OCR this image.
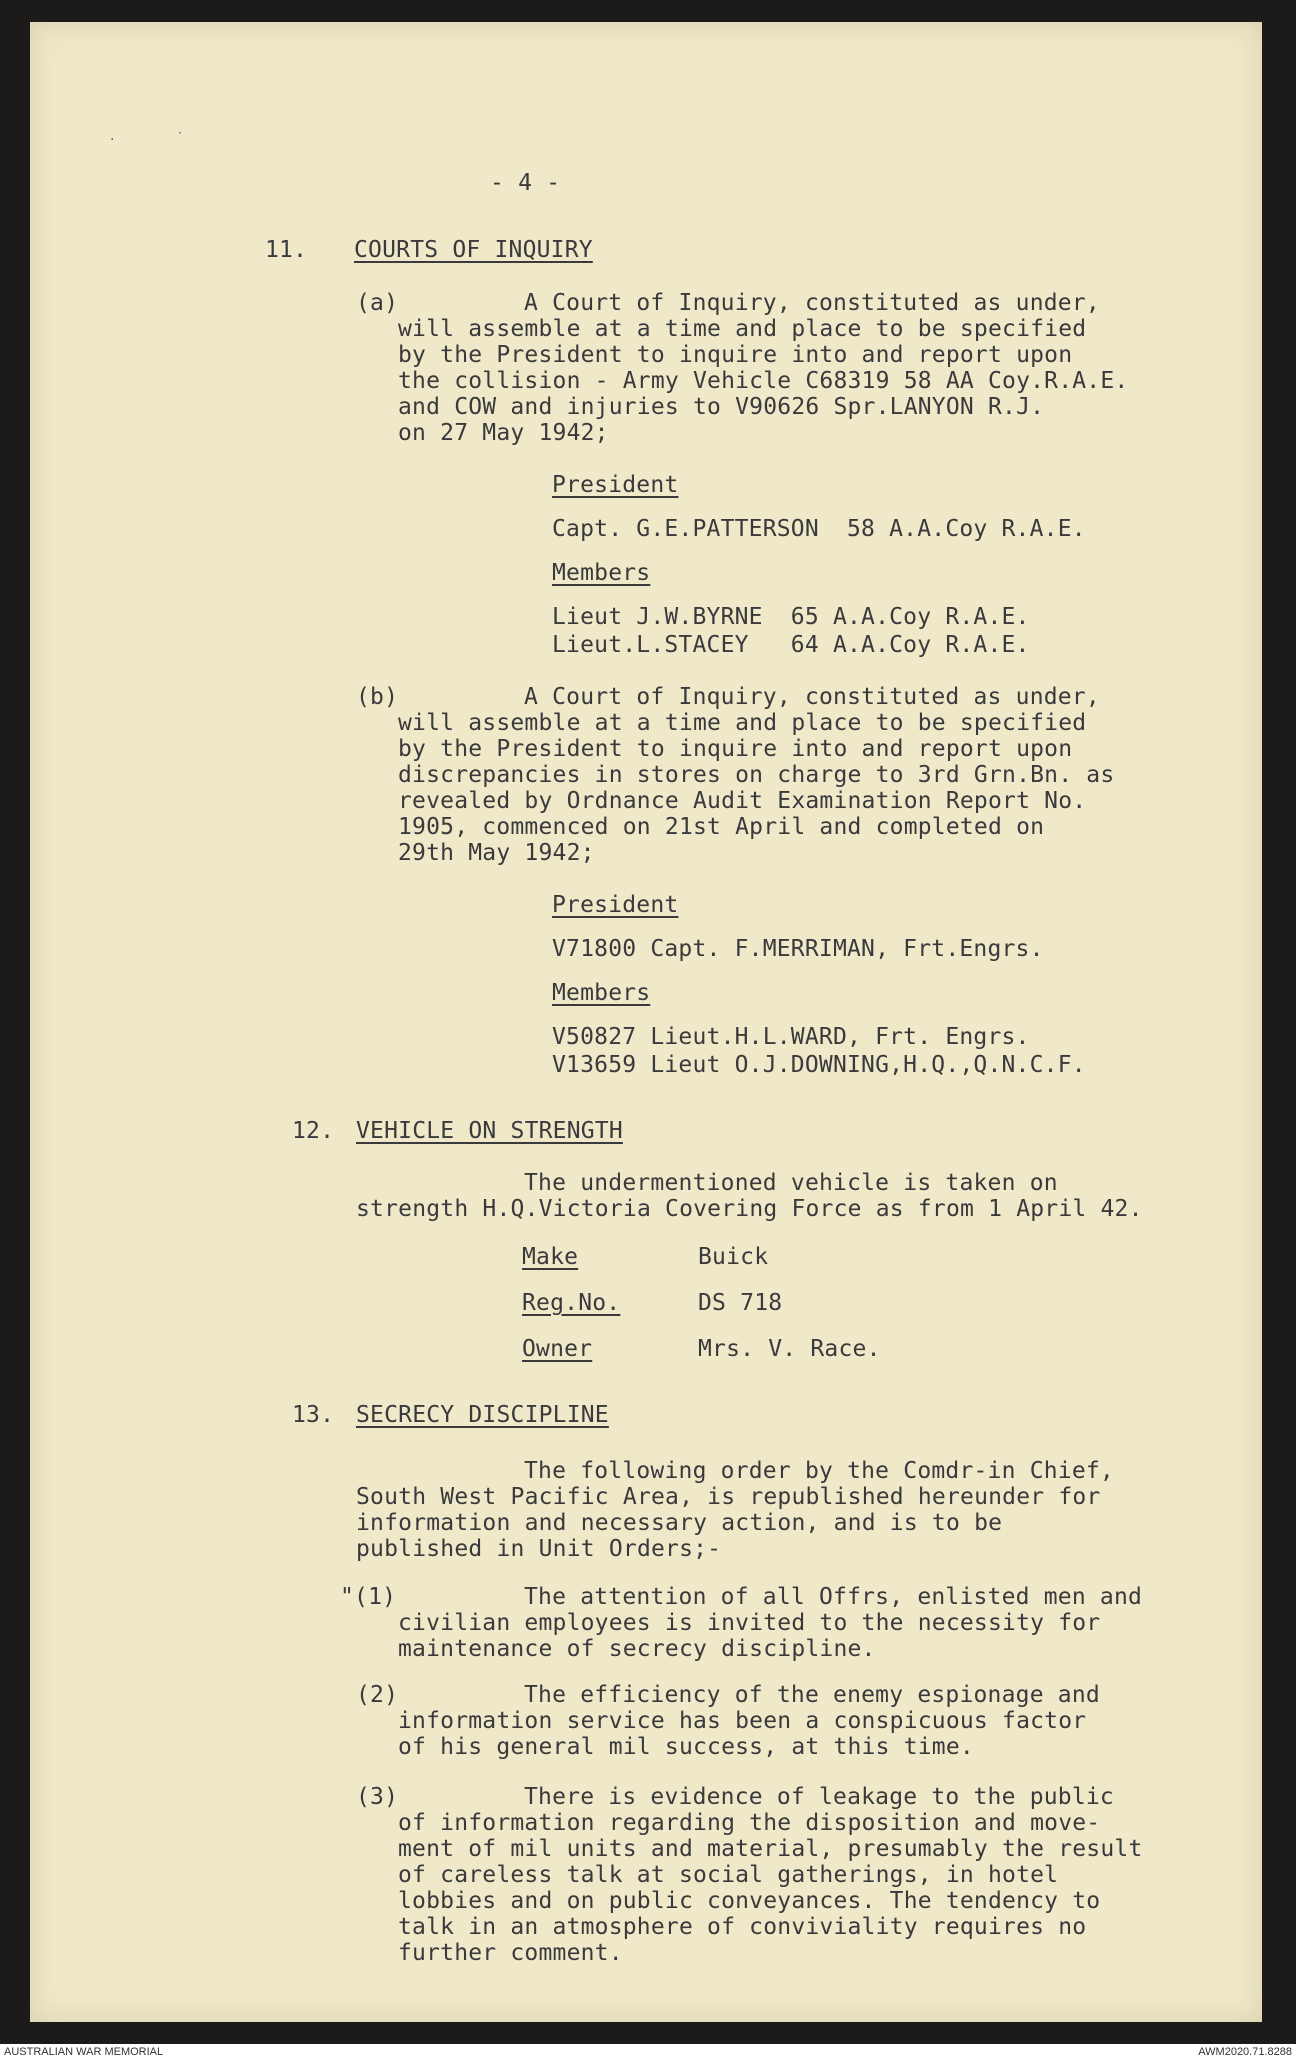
·	·
- 4 -
11. COURTS OF INQUIRY
(a)	A Court of Inquiry, constituted as under,
will assemble at a time and place to be specified
by the President to inquire into and report upon
the collision - Army Vehicle C68319 58 AA Coy.R.A.E.
and COW and injuries to V90626 Spr.LANYON R.J.
on 27 May 1942;
President
Capt. G.E.PATTERSON  58 A.A.Coy R.A.E.
Members
Lieut J.W.BYRNE  65 A.A.Coy R.A.E.
Lieut.L.STACEY   64 A.A.Coy R.A.E.
(b)	A Court of Inquiry, constituted as under,
will assemble at a time and place to be specified
by the President to inquire into and report upon
discrepancies in stores on charge to 3rd Grn.Bn. as
revealed by Ordnance Audit Examination Report No.
1905, commenced on 21st April and completed on
29th May 1942;
President
V71800 Capt. F.MERRIMAN, Frt.Engrs.
Members
V50827 Lieut.H.L.WARD, Frt. Engrs.
V13659 Lieut O.J.DOWNING,H.Q.,Q.N.C.F.
12. VEHICLE ON STRENGTH
The undermentioned vehicle is taken on
strength H.Q.Victoria Covering Force as from 1 April 42.
Make	Buick
Reg.No.	DS 718
Owner	Mrs. V. Race.
13. SECRECY DISCIPLINE
The following order by the Comdr-in Chief,
South West Pacific Area, is republished hereunder for
information and necessary action, and is to be
published in Unit Orders;-
"(1)	The attention of all Offrs, enlisted men and
civilian employees is invited to the necessity for
maintenance of secrecy discipline.
(2)	The efficiency of the enemy espionage and
information service has been a conspicuous factor
of his general mil success, at this time.
(3)	There is evidence of leakage to the public
of information regarding the disposition and move-
ment of mil units and material, presumably the result
of careless talk at social gatherings, in hotel
lobbies and on public conveyances. The tendency to
talk in an atmosphere of conviviality requires no
further comment.
AUSTRALIAN WAR MEMORIAL	AWM2020.71.8288
